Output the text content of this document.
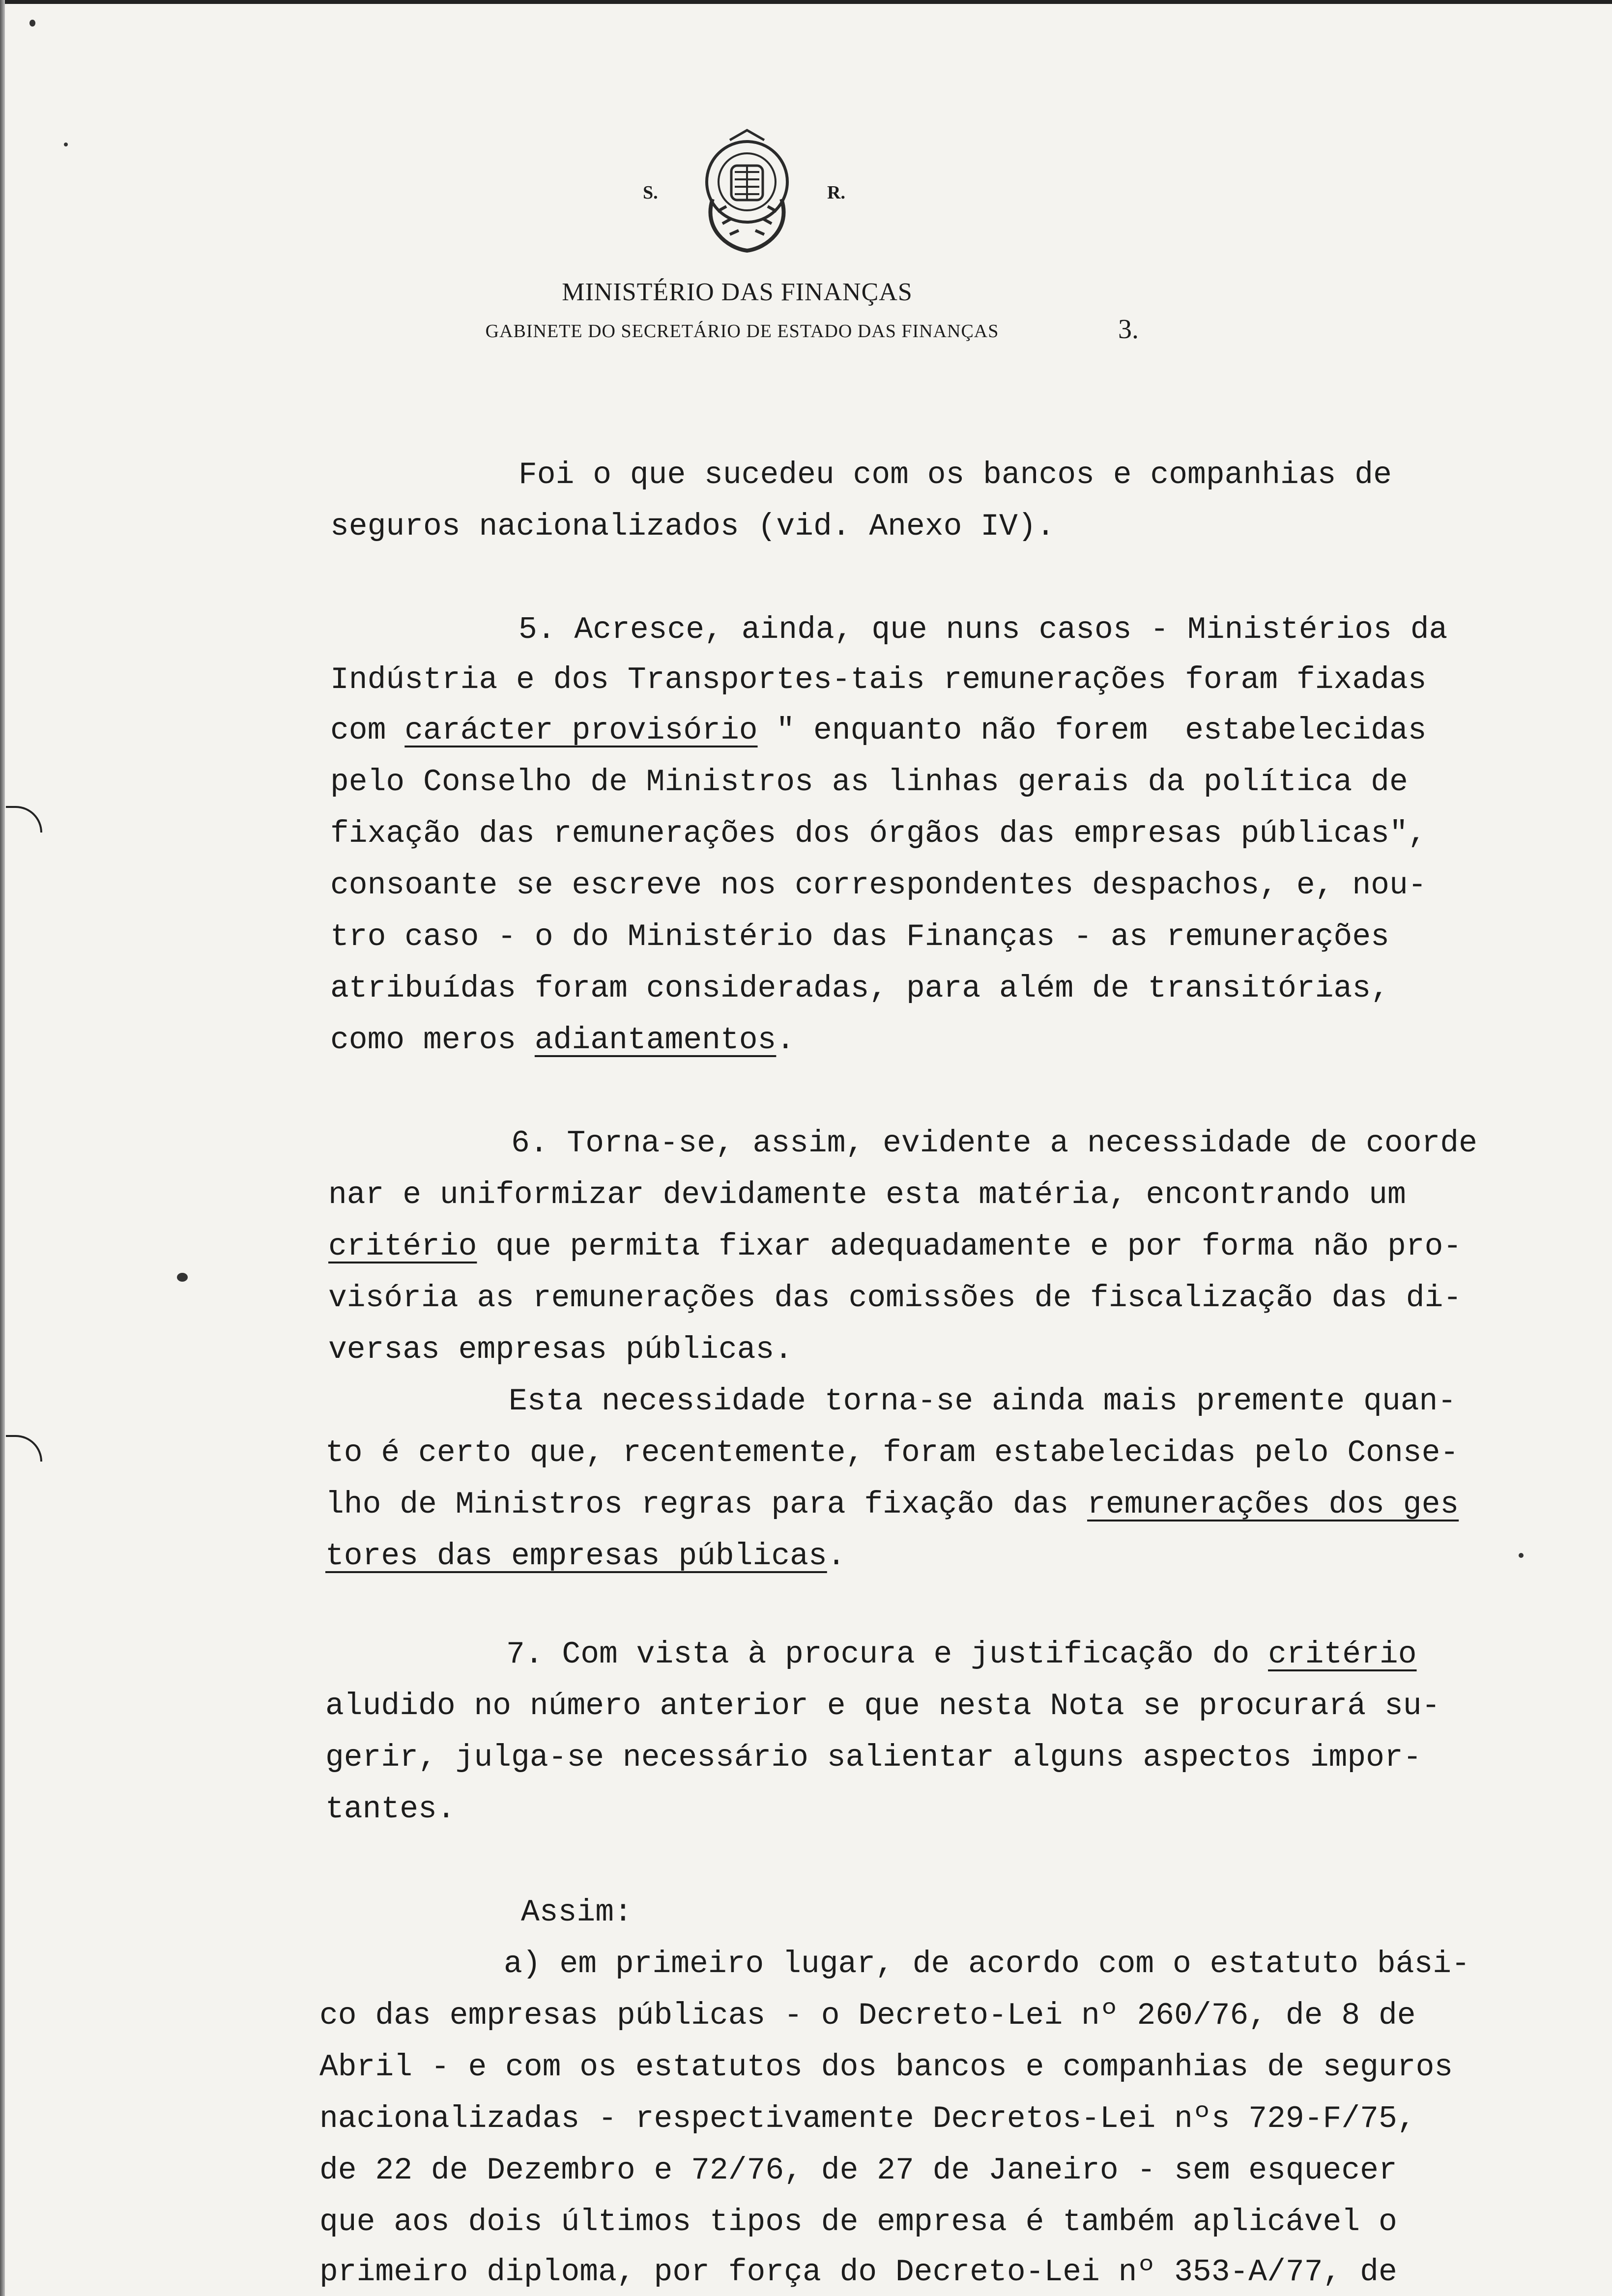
S.	R.
MINISTÉRIO DAS FINANÇAS
GABINETE DO SECRETÁRIO DE ESTADO DAS FINANÇAS	3.
Foi o que sucedeu com os bancos e companhias de
seguros nacionalizados (vid. Anexo IV).
5. Acresce, ainda, que nuns casos - Ministérios da
Indústria e dos Transportes-tais remunerações foram fixadas
com carácter provisório " enquanto não forem  estabelecidas
pelo Conselho de Ministros as linhas gerais da política de
fixação das remunerações dos órgãos das empresas públicas",
consoante se escreve nos correspondentes despachos, e, nou-
tro caso - o do Ministério das Finanças - as remunerações
atribuídas foram consideradas, para além de transitórias,
como meros adiantamentos.
6. Torna-se, assim, evidente a necessidade de coorde
nar e uniformizar devidamente esta matéria, encontrando um
critério que permita fixar adequadamente e por forma não pro-
visória as remunerações das comissões de fiscalização das di-
versas empresas públicas.
Esta necessidade torna-se ainda mais premente quan-
to é certo que, recentemente, foram estabelecidas pelo Conse-
lho de Ministros regras para fixação das remunerações dos ges
tores das empresas públicas.
7. Com vista à procura e justificação do critério
aludido no número anterior e que nesta Nota se procurará su-
gerir, julga-se necessário salientar alguns aspectos impor-
tantes.
Assim:
a) em primeiro lugar, de acordo com o estatuto bási-
co das empresas públicas - o Decreto-Lei nº 260/76, de 8 de
Abril - e com os estatutos dos bancos e companhias de seguros
nacionalizadas - respectivamente Decretos-Lei nºs 729-F/75,
de 22 de Dezembro e 72/76, de 27 de Janeiro - sem esquecer
que aos dois últimos tipos de empresa é também aplicável o
primeiro diploma, por força do Decreto-Lei nº 353-A/77, de
